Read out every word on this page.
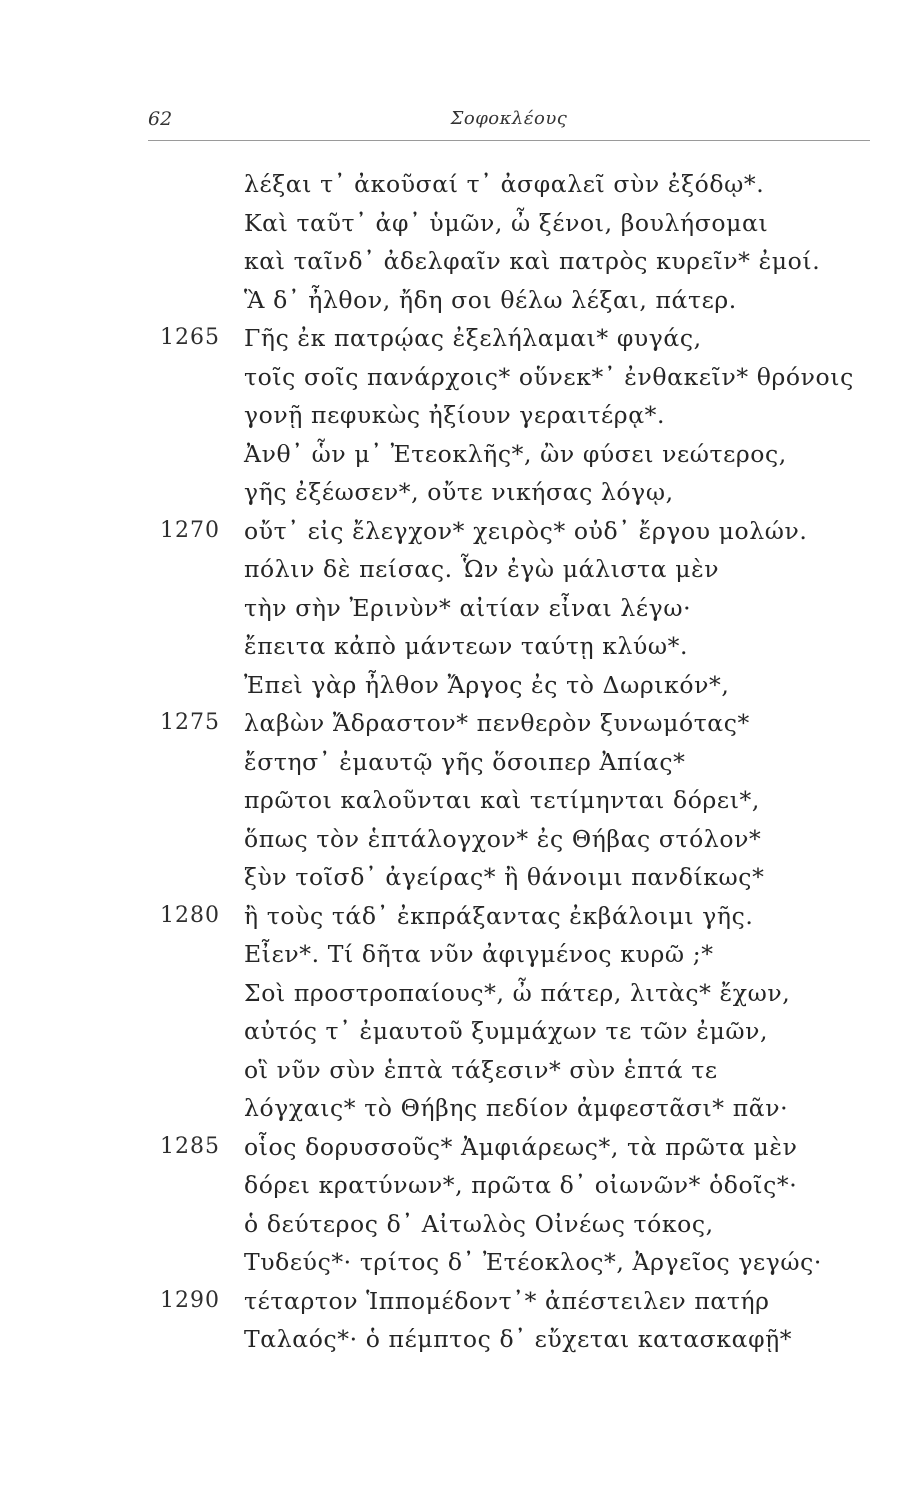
62	Σοφοκλέους
λέξαι τ᾽ ἀκοῦσαί τ᾽ ἀσφαλεῖ σὺν ἐξόδῳ*.
Καὶ ταῦτ᾽ ἀφ᾽ ὑμῶν, ὦ ξένοι, βουλήσομαι
καὶ ταῖνδ᾽ ἀδελφαῖν καὶ πατρὸς κυρεῖν* ἐμοί.
Ἃ δ᾽ ἦλθον, ἤδη σοι θέλω λέξαι, πάτερ.
1265 Γῆς ἐκ πατρῴας ἐξελήλαμαι* φυγάς,
τοῖς σοῖς πανάρχοις* οὕνεκ*᾽ ἐνθακεῖν* θρόνοις
γονῇ πεφυκὼς ἠξίουν γεραιτέρᾳ*.
Ἀνθ᾽ ὧν μ᾽ Ἐτεοκλῆς*, ὢν φύσει νεώτερος,
γῆς ἐξέωσεν*, οὔτε νικήσας λόγῳ,
1270 οὔτ᾽ εἰς ἔλεγχον* χειρὸς* οὐδ᾽ ἔργου μολών.
πόλιν δὲ πείσας. Ὧν ἐγὼ μάλιστα μὲν
τὴν σὴν Ἐρινὺν* αἰτίαν εἶναι λέγω·
ἔπειτα κἀπὸ μάντεων ταύτῃ κλύω*.
Ἐπεὶ γὰρ ἦλθον Ἄργος ἐς τὸ Δωρικόν*,
1275 λαβὼν Ἄδραστον* πενθερὸν ξυνωμότας*
ἔστησ᾽ ἐμαυτῷ γῆς ὅσοιπερ Ἀπίας*
πρῶτοι καλοῦνται καὶ τετίμηνται δόρει*,
ὅπως τὸν ἑπτάλογχον* ἐς Θήβας στόλον*
ξὺν τοῖσδ᾽ ἀγείρας* ἢ θάνοιμι πανδίκως*
1280 ἢ τοὺς τάδ᾽ ἐκπράξαντας ἐκβάλοιμι γῆς.
Εἶεν*. Τί δῆτα νῦν ἀφιγμένος κυρῶ ;*
Σοὶ προστροπαίους*, ὦ πάτερ, λιτὰς* ἔχων,
αὐτός τ᾽ ἐμαυτοῦ ξυμμάχων τε τῶν ἐμῶν,
οἳ νῦν σὺν ἑπτὰ τάξεσιν* σὺν ἑπτά τε
λόγχαις* τὸ Θήβης πεδίον ἀμφεστᾶσι* πᾶν·
1285 οἷος δορυσσοῦς* Ἀμφιάρεως*, τὰ πρῶτα μὲν
δόρει κρατύνων*, πρῶτα δ᾽ οἰωνῶν* ὁδοῖς*·
ὁ δεύτερος δ᾽ Αἰτωλὸς Οἰνέως τόκος,
Τυδεύς*· τρίτος δ᾽ Ἐτέοκλος*, Ἀργεῖος γεγώς·
1290 τέταρτον Ἱππομέδοντ᾽* ἀπέστειλεν πατήρ
Ταλαός*· ὁ πέμπτος δ᾽ εὔχεται κατασκαφῇ*
